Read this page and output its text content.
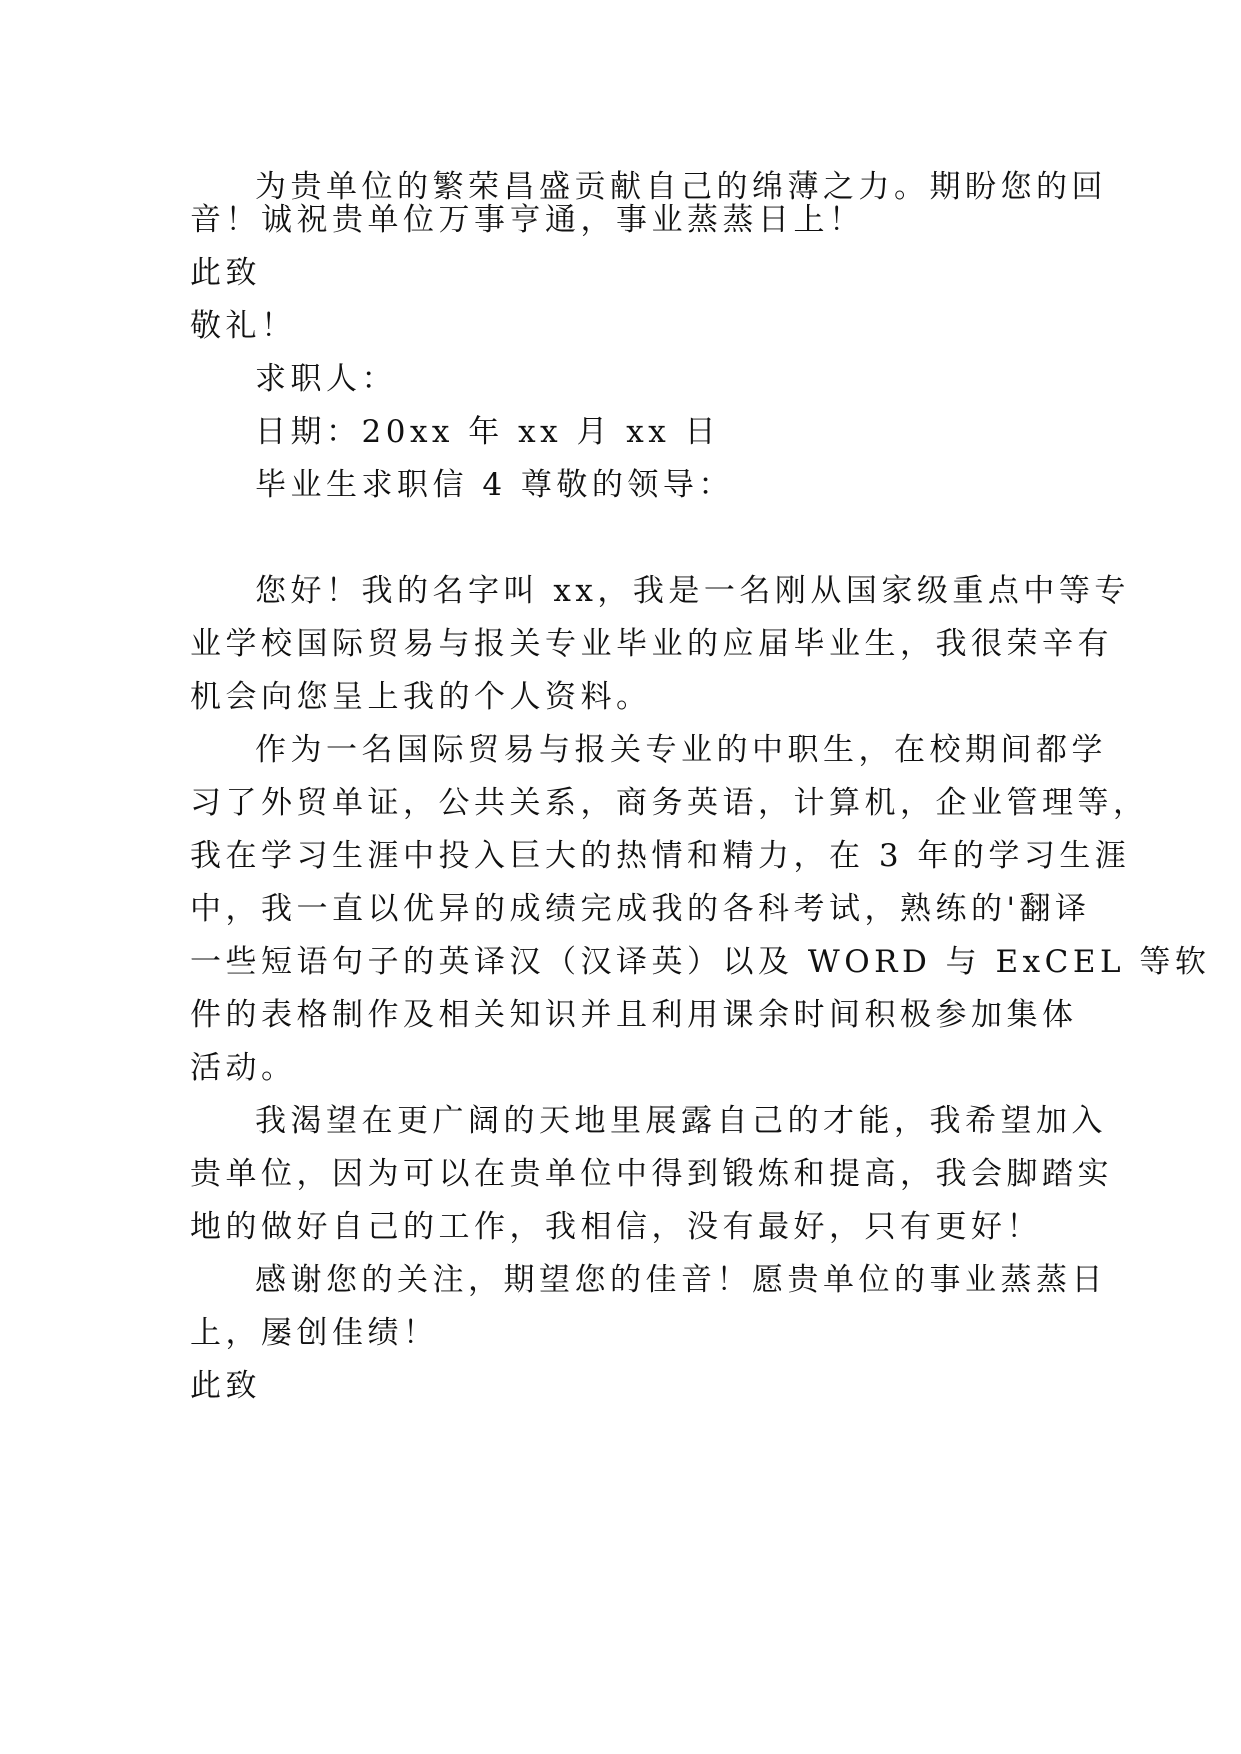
为贵单位的繁荣昌盛贡献自己的绵薄之力。期盼您的回
音！诚祝贵单位万事亨通，事业蒸蒸日上！
此致
敬礼！
求职人：
日期：20xx 年 xx 月 xx 日
毕业生求职信 4 尊敬的领导：
您好！我的名字叫 xx，我是一名刚从国家级重点中等专
业学校国际贸易与报关专业毕业的应届毕业生，我很荣辛有
机会向您呈上我的个人资料。
作为一名国际贸易与报关专业的中职生，在校期间都学
习了外贸单证，公共关系，商务英语，计算机，企业管理等，
我在学习生涯中投入巨大的热情和精力，在 3 年的学习生涯
中，我一直以优异的成绩完成我的各科考试，熟练的'翻译
一些短语句子的英译汉（汉译英）以及 WORD 与 ExCEL 等软
件的表格制作及相关知识并且利用课余时间积极参加集体
活动。
我渴望在更广阔的天地里展露自己的才能，我希望加入
贵单位，因为可以在贵单位中得到锻炼和提高，我会脚踏实
地的做好自己的工作，我相信，没有最好，只有更好！
感谢您的关注，期望您的佳音！愿贵单位的事业蒸蒸日
上，屡创佳绩！
此致
